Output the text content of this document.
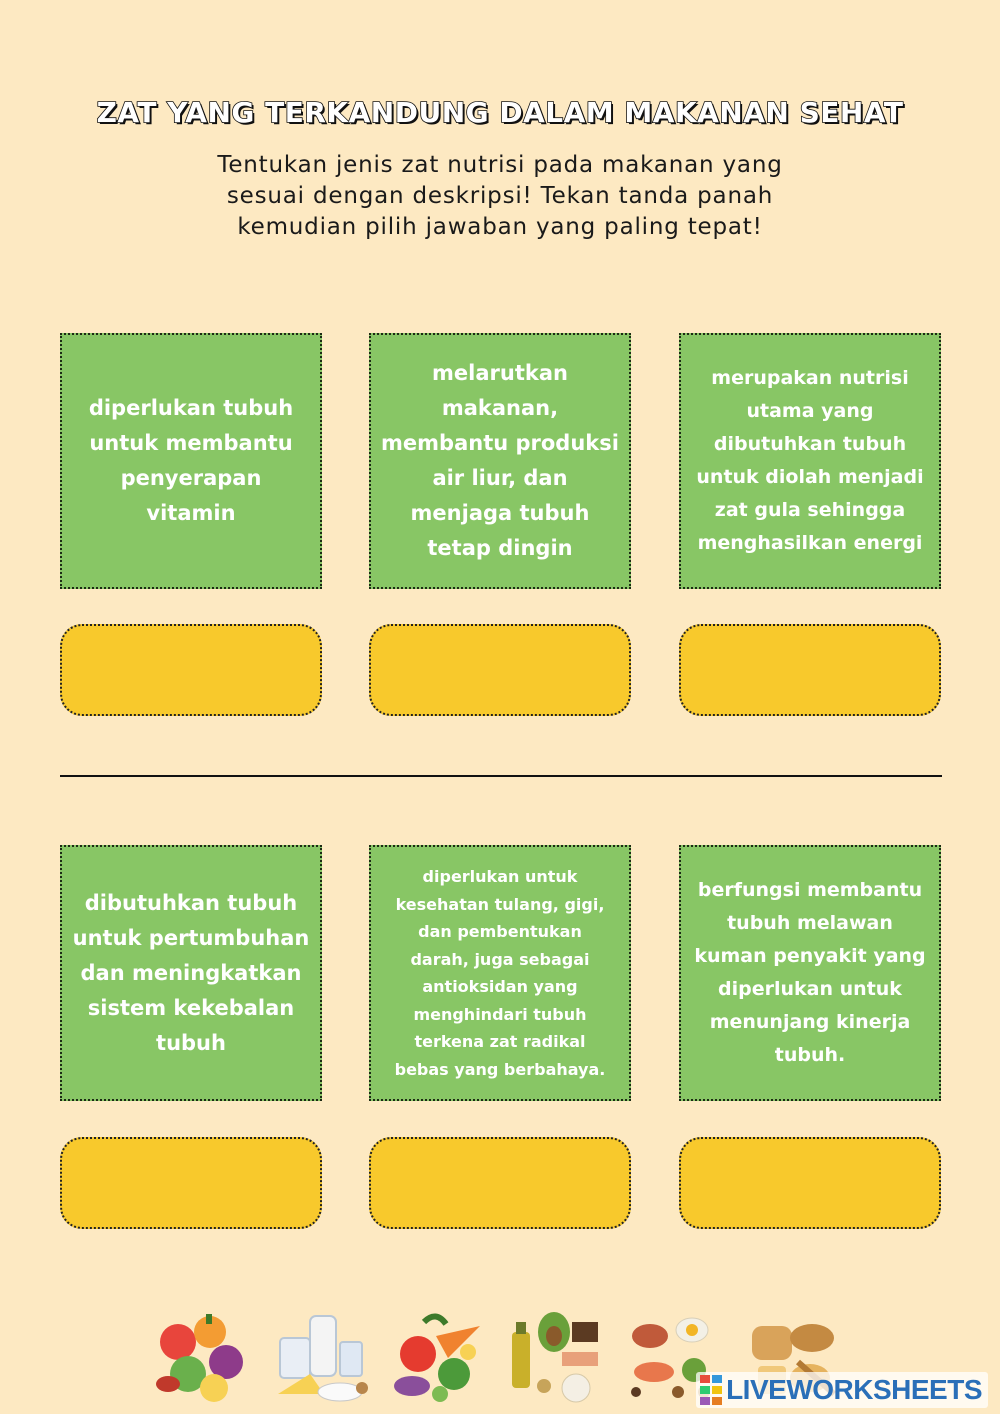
ZAT YANG TERKANDUNG DALAM MAKANAN SEHAT
Tentukan jenis zat nutrisi pada makanan yang
sesuai dengan deskripsi! Tekan tanda panah
kemudian pilih jawaban yang paling tepat!
diperlukan tubuh
untuk membantu
penyerapan
vitamin
melarutkan
makanan,
membantu produksi
air liur, dan
menjaga tubuh
tetap dingin
merupakan nutrisi
utama yang
dibutuhkan tubuh
untuk diolah menjadi
zat gula sehingga
menghasilkan energi
dibutuhkan tubuh
untuk pertumbuhan
dan meningkatkan
sistem kekebalan
tubuh
diperlukan untuk
kesehatan tulang, gigi,
dan pembentukan
darah, juga sebagai
antioksidan yang
menghindari tubuh
terkena zat radikal
bebas yang berbahaya.
berfungsi membantu
tubuh melawan
kuman penyakit yang
diperlukan untuk
menunjang kinerja
tubuh.
LIVEWORKSHEETS
